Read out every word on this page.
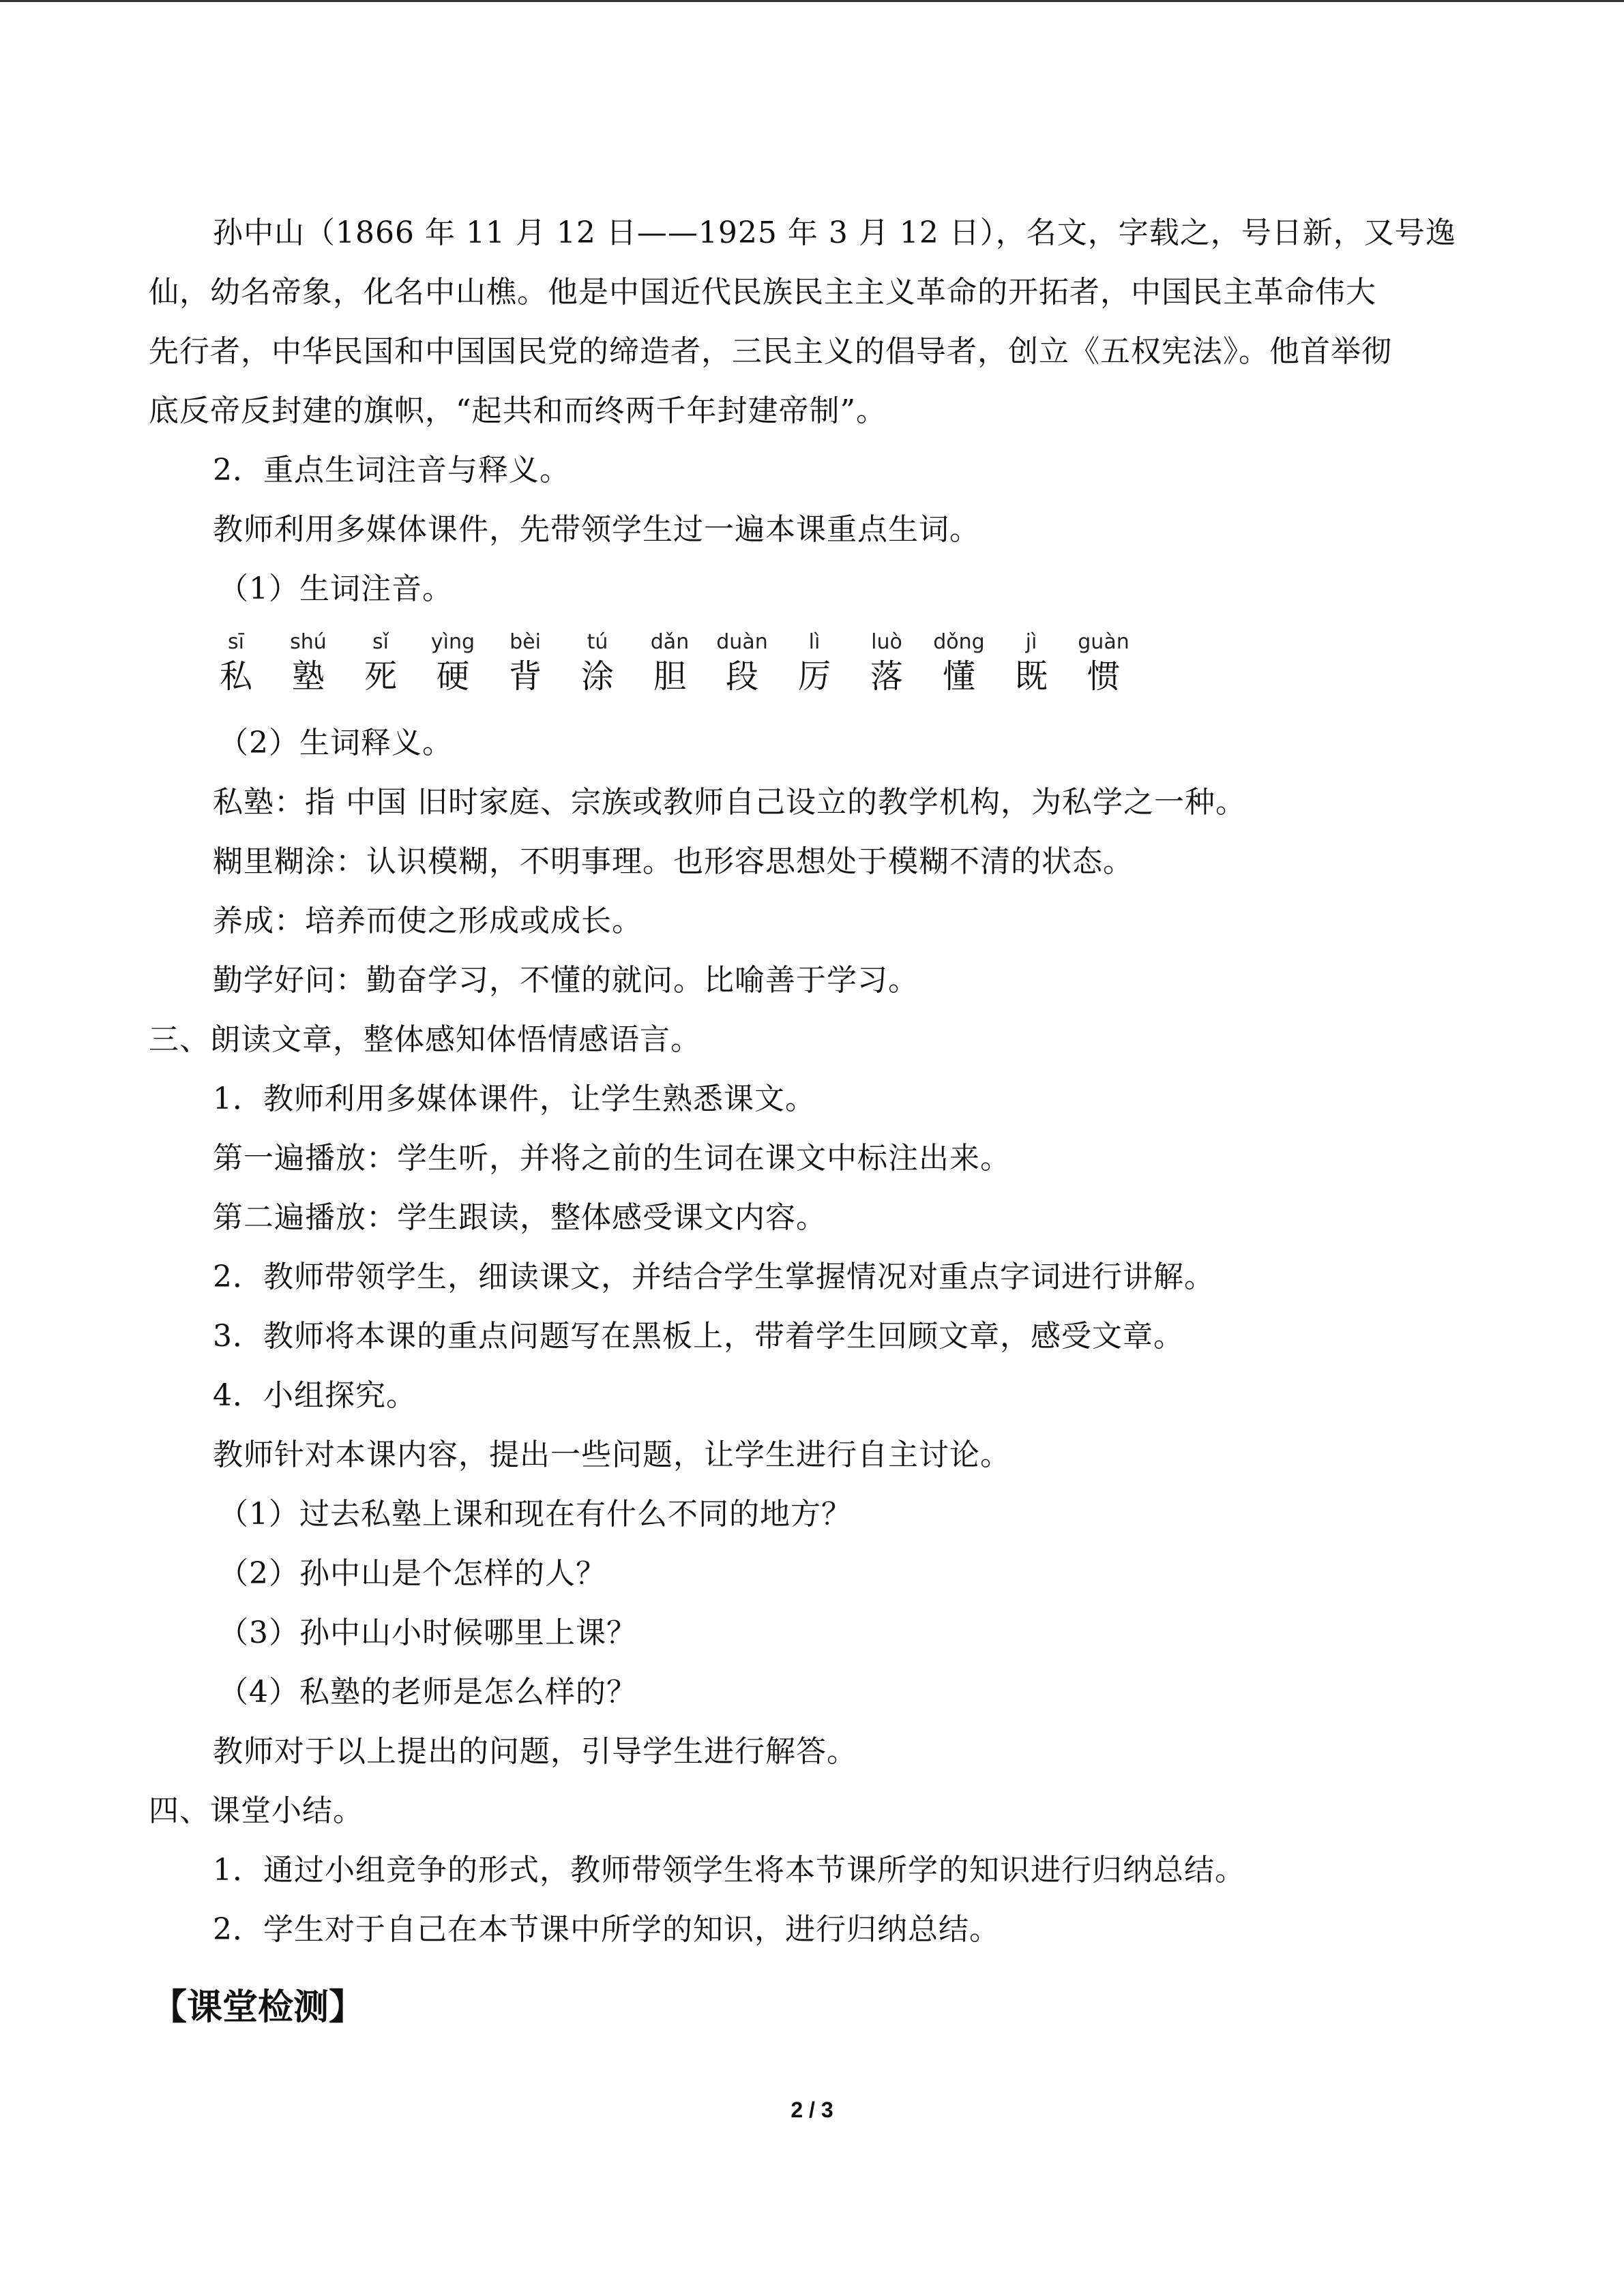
孙中山（1866 年 11 月 12 日——1925 年 3 月 12 日），名文，字载之，号日新，又号逸
仙，幼名帝象，化名中山樵。他是中国近代民族民主主义革命的开拓者，中国民主革命伟大
先行者，中华民国和中国国民党的缔造者，三民主义的倡导者，创立《五权宪法》。他首举彻
底反帝反封建的旗帜，“起共和而终两千年封建帝制”。
2．重点生词注音与释义。
教师利用多媒体课件，先带领学生过一遍本课重点生词。
（1）生词注音。
sī
私
shú
塾
sǐ
死
yìng
硬
bèi
背
tú
涂
dǎn
胆
duàn
段
lì
厉
luò
落
dǒng
懂
jì
既
guàn
惯
（2）生词释义。
私塾：指 中国 旧时家庭、宗族或教师自己设立的教学机构，为私学之一种。
糊里糊涂：认识模糊，不明事理。也形容思想处于模糊不清的状态。
养成：培养而使之形成或成长。
勤学好问：勤奋学习，不懂的就问。比喻善于学习。
三、朗读文章，整体感知体悟情感语言。
1．教师利用多媒体课件，让学生熟悉课文。
第一遍播放：学生听，并将之前的生词在课文中标注出来。
第二遍播放：学生跟读，整体感受课文内容。
2．教师带领学生，细读课文，并结合学生掌握情况对重点字词进行讲解。
3．教师将本课的重点问题写在黑板上，带着学生回顾文章，感受文章。
4．小组探究。
教师针对本课内容，提出一些问题，让学生进行自主讨论。
（1）过去私塾上课和现在有什么不同的地方？
（2）孙中山是个怎样的人？
（3）孙中山小时候哪里上课？
（4）私塾的老师是怎么样的？
教师对于以上提出的问题，引导学生进行解答。
四、课堂小结。
1．通过小组竞争的形式，教师带领学生将本节课所学的知识进行归纳总结。
2．学生对于自己在本节课中所学的知识，进行归纳总结。
【课堂检测】
2 / 3
